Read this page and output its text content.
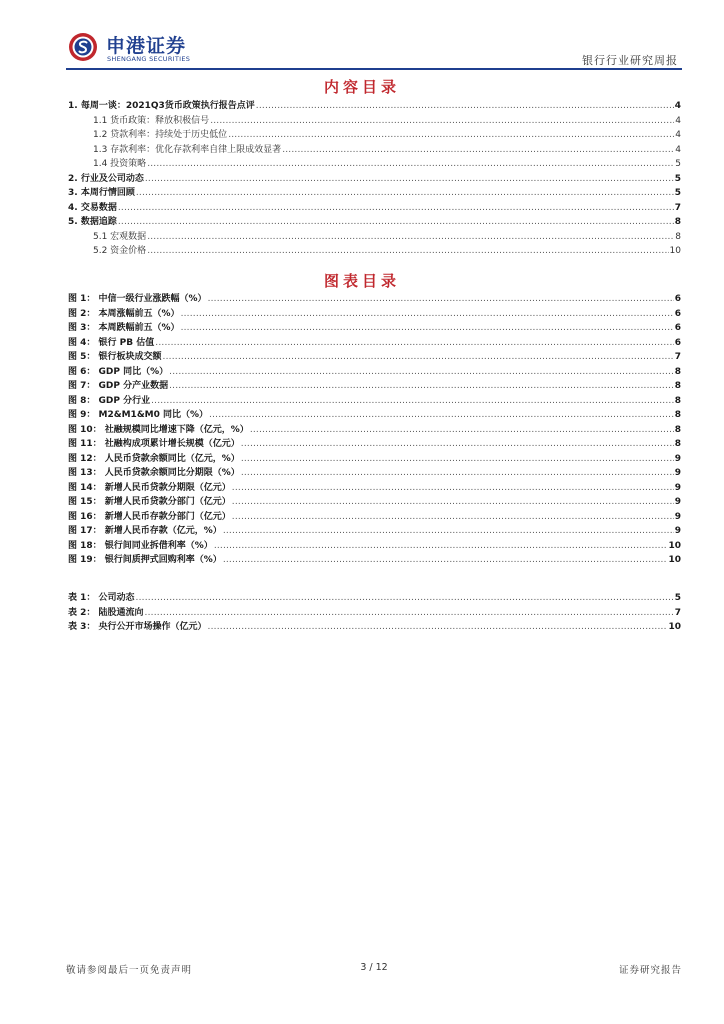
申港证券
SHENGANG SECURITIES	银行行业研究周报
内容目录
1. 每周一谈：2021Q3货币政策执行报告点评 .....	4
1.1 货币政策：释放积极信号 .....	4
1.2 贷款利率：持续处于历史低位 .....	4
1.3 存款利率：优化存款利率自律上限成效显著 .....	4
1.4 投资策略 .....	5
2. 行业及公司动态 .....	5
3. 本周行情回顾 .....	5
4. 交易数据 .....	7
5. 数据追踪 .....	8
5.1 宏观数据 .....	8
5.2 资金价格 .....	10
图表目录
图 1： 中信一级行业涨跌幅（%） .....	6
图 2： 本周涨幅前五（%） .....	6
图 3： 本周跌幅前五（%） .....	6
图 4： 银行 PB 估值 .....	6
图 5： 银行板块成交额 .....	7
图 6： GDP 同比（%） .....	8
图 7： GDP 分产业数据 .....	8
图 8： GDP 分行业 .....	8
图 9： M2&M1&M0 同比（%） .....	8
图 10： 社融规模同比增速下降（亿元，%） .....	8
图 11： 社融构成项累计增长规模（亿元） .....	8
图 12： 人民币贷款余额同比（亿元，%） .....	9
图 13： 人民币贷款余额同比分期限（%） .....	9
图 14： 新增人民币贷款分期限（亿元） .....	9
图 15： 新增人民币贷款分部门（亿元） .....	9
图 16： 新增人民币存款分部门（亿元） .....	9
图 17： 新增人民币存款（亿元，%） .....	9
图 18： 银行间同业拆借利率（%） .....	10
图 19： 银行间质押式回购利率（%） .....	10
表 1： 公司动态 .....	5
表 2： 陆股通流向 .....	7
表 3： 央行公开市场操作（亿元） .....	10
敬请参阅最后一页免责声明	3 / 12	证券研究报告
